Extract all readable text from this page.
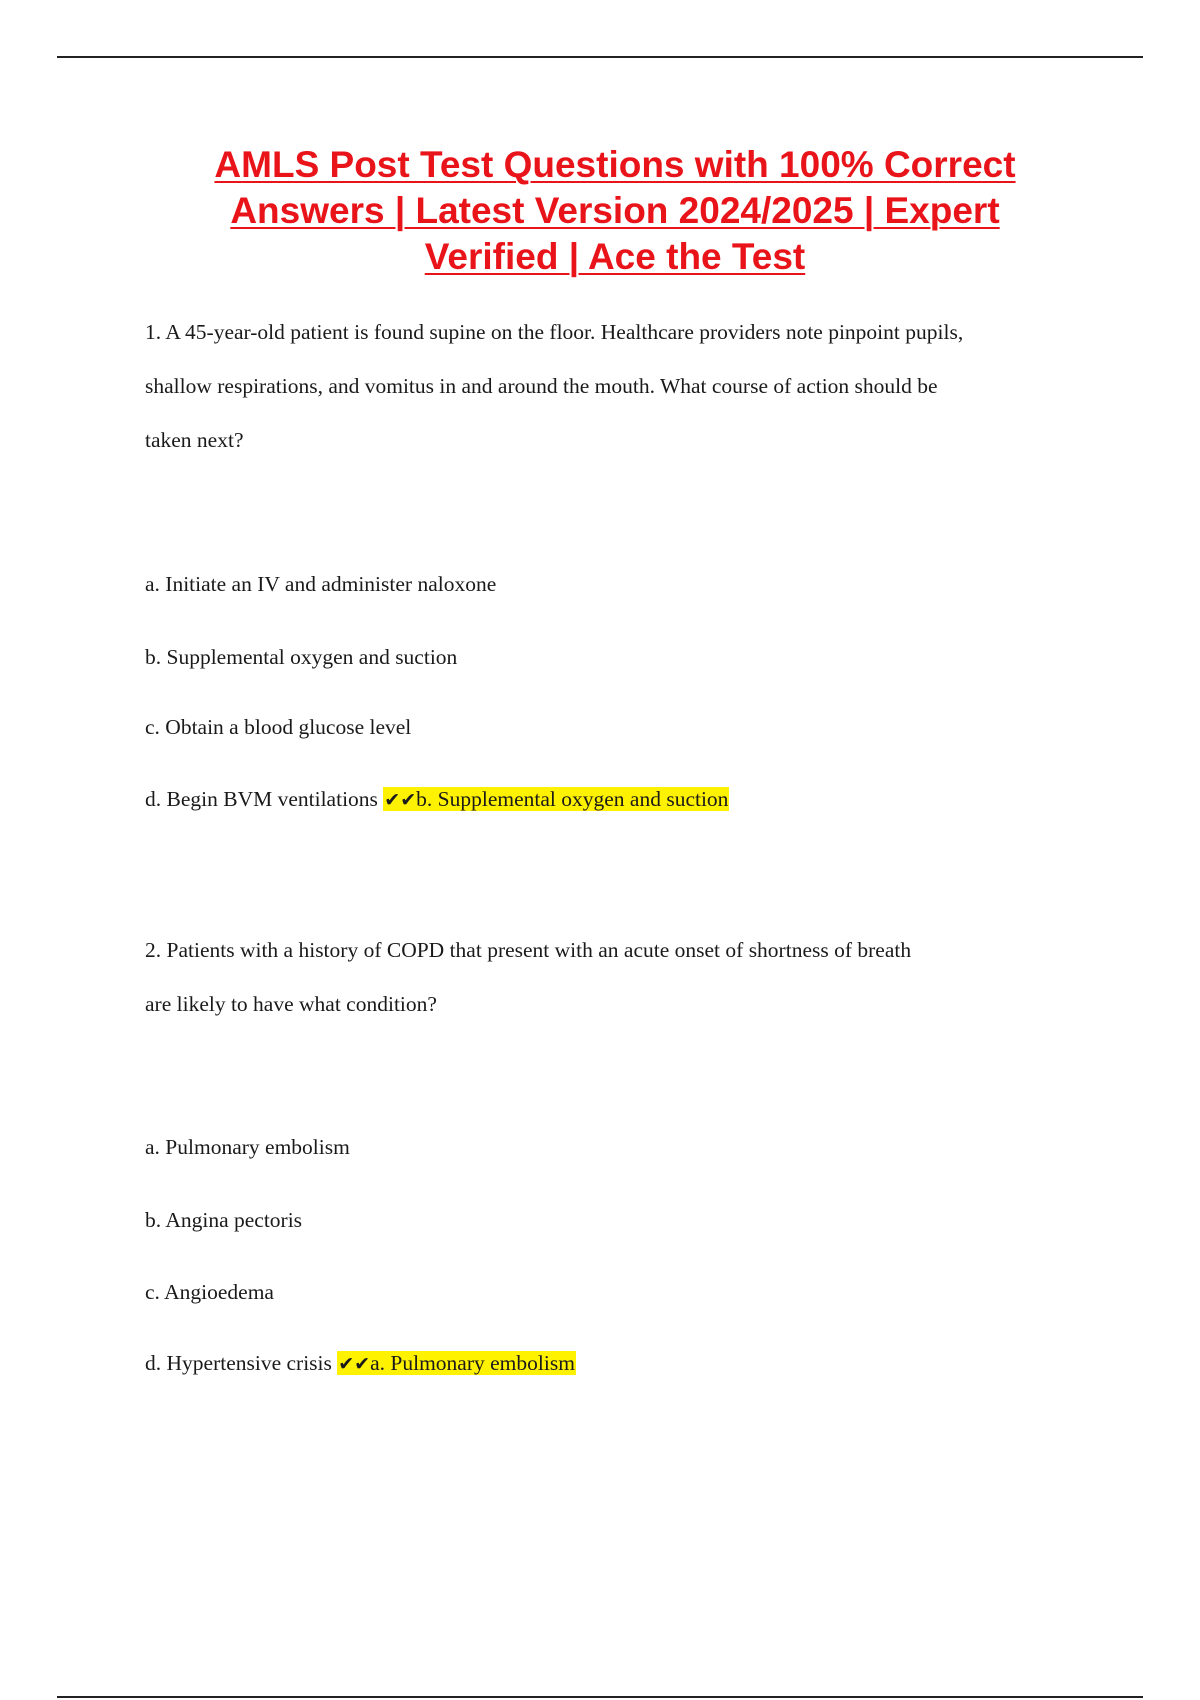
AMLS Post Test Questions with 100% Correct
Answers | Latest Version 2024/2025 | Expert
Verified | Ace the Test
1. A 45-year-old patient is found supine on the floor. Healthcare providers note pinpoint pupils,
shallow respirations, and vomitus in and around the mouth. What course of action should be
taken next?
a. Initiate an IV and administer naloxone
b. Supplemental oxygen and suction
c. Obtain a blood glucose level
d. Begin BVM ventilations ✔✔b. Supplemental oxygen and suction
2. Patients with a history of COPD that present with an acute onset of shortness of breath
are likely to have what condition?
a. Pulmonary embolism
b. Angina pectoris
c. Angioedema
d. Hypertensive crisis ✔✔a. Pulmonary embolism
